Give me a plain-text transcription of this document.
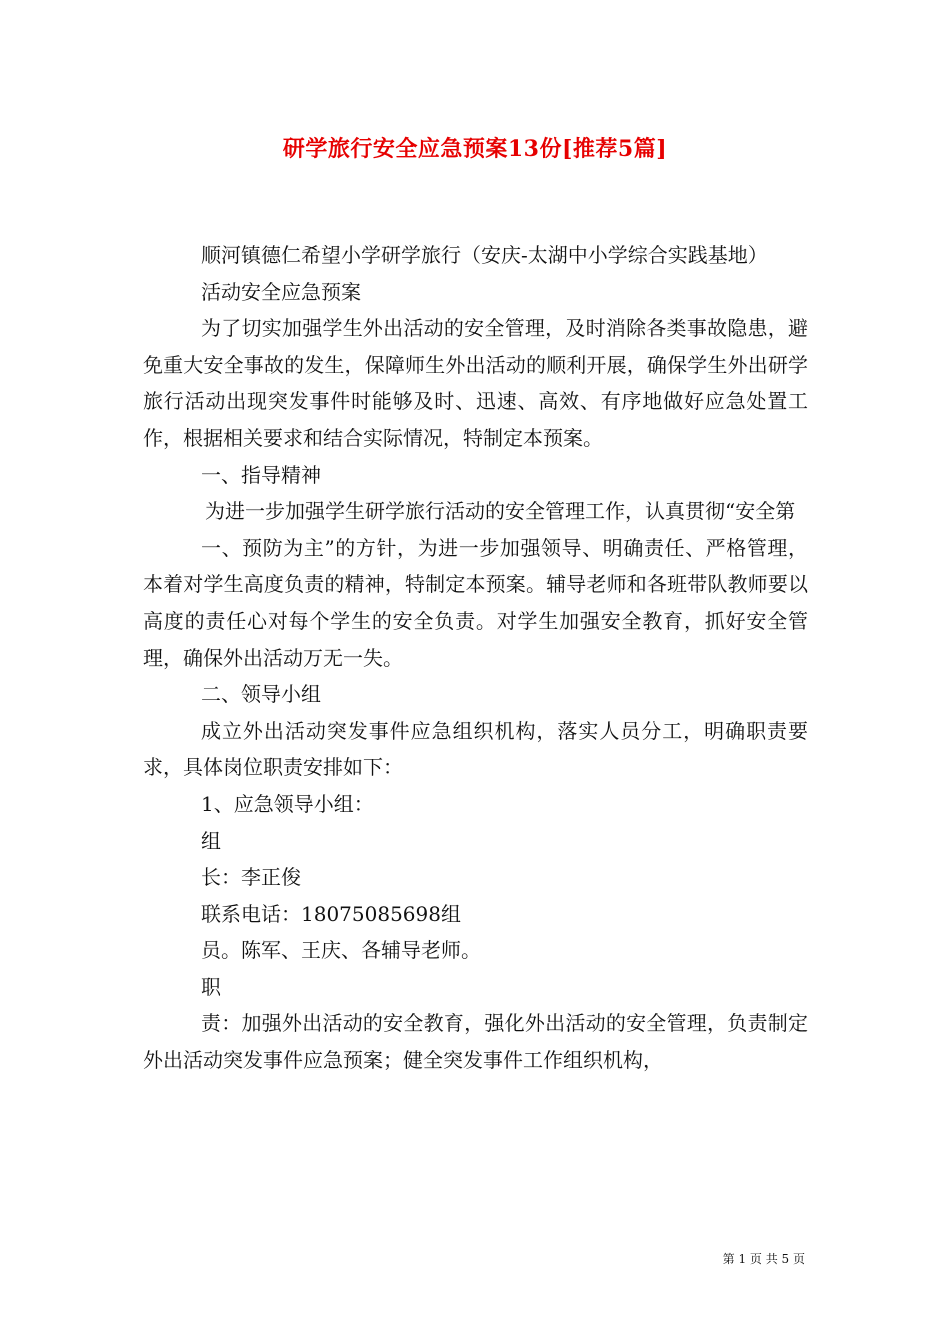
研学旅行安全应急预案13份[推荐5篇]

顺河镇德仁希望小学研学旅行（安庆-太湖中小学综合实践基地）

活动安全应急预案

为了切实加强学生外出活动的安全管理，及时消除各类事故隐患，避免重大安全事故的发生，保障师生外出活动的顺利开展，确保学生外出研学旅行活动出现突发事件时能够及时、迅速、高效、有序地做好应急处置工作，根据相关要求和结合实际情况，特制定本预案。

一、指导精神

为进一步加强学生研学旅行活动的安全管理工作，认真贯彻“安全第

一、预防为主”的方针，为进一步加强领导、明确责任、严格管理，本着对学生高度负责的精神，特制定本预案。辅导老师和各班带队教师要以高度的责任心对每个学生的安全负责。对学生加强安全教育，抓好安全管理，确保外出活动万无一失。

二、领导小组

成立外出活动突发事件应急组织机构，落实人员分工，明确职责要求，具体岗位职责安排如下：

1、应急领导小组：

组

长：李正俊

联系电话：18075085698组

员。陈军、王庆、各辅导老师。

职

责：加强外出活动的安全教育，强化外出活动的安全管理，负责制定外出活动突发事件应急预案；健全突发事件工作组织机构，

第 1 页 共 5 页
